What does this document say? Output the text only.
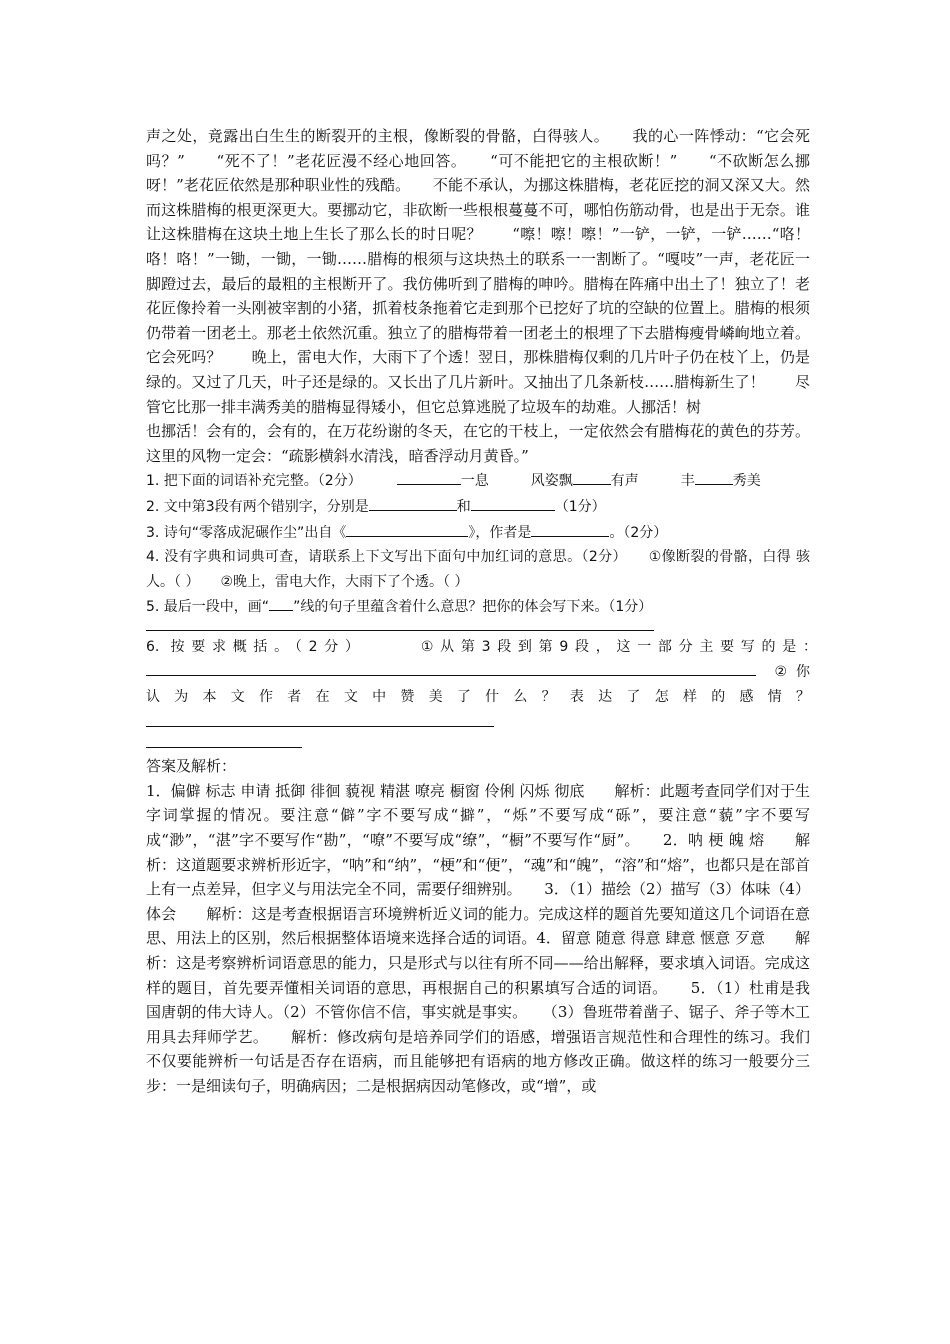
声之处，竟露出白生生的断裂开的主根，像断裂的骨骼，白得骇人。　　我的心一阵悸动：“它会死吗？”　　“死不了！”老花匠漫不经心地回答。　　“可不能把它的主根砍断！”　　“不砍断怎么挪呀！”老花匠依然是那种职业性的残酷。　　不能不承认，为挪这株腊梅，老花匠挖的洞又深又大。然而这株腊梅的根更深更大。要挪动它，非砍断一些根根蔓蔓不可，哪怕伤筋动骨，也是出于无奈。谁让这株腊梅在这块土地上生长了那么长的时日呢？　　“嚓！嚓！嚓！”一铲，一铲，一铲……“咯！咯！咯！”一锄，一锄，一锄……腊梅的根须与这块热土的联系一一割断了。“嘎吱”一声，老花匠一脚蹬过去，最后的最粗的主根断开了。我仿佛听到了腊梅的呻吟。腊梅在阵痛中出土了！独立了！老花匠像拎着一头刚被宰割的小猪，抓着枝条拖着它走到那个已挖好了坑的空缺的位置上。腊梅的根须仍带着一团老土。那老土依然沉重。独立了的腊梅带着一团老土的根埋了下去腊梅瘦骨嶙峋地立着。它会死吗？　　晚上，雷电大作，大雨下了个透！翌日，那株腊梅仅剩的几片叶子仍在枝丫上，仍是绿的。又过了几天，叶子还是绿的。又长出了几片新叶。又抽出了几条新枝……腊梅新生了！　　尽管它比那一排丰满秀美的腊梅显得矮小，但它总算逃脱了垃圾车的劫难。人挪活！树

也挪活！会有的，会有的，在万花纷谢的冬天，在它的干枝上，一定依然会有腊梅花的黄色的芬芳。这里的风物一定会：“疏影横斜水清浅，暗香浮动月黄昏。”

1. 把下面的词语补充完整。（2分）　　　	一息　　　	风姿飘	有声　　　	丰	秀美

2. 文中第3段有两个错别字，分别是	和	（1分）

3. 诗句“零落成泥碾作尘”出自《	》，作者是	。（2分）

4. 没有字典和词典可查，请联系上下文写出下面句中加红词的意思。（2分）　　①像断裂的骨骼，白得 骇人。（ ）　　②晚上，雷电大作，大雨下了个透。（ ）

5. 最后一段中，画“ ”线的句子里蕴含着什么意思？把你的体会写下来。（1分）

6. 按要求概括。（2分）　　　①从第3段到第9段，这一部分主要写的是：　　② 你认为本文作者在文中赞美了什么？表达了怎样的感情？　　

答案及解析：

1．偏僻 标志 申请 抵御 徘徊 藐视 精湛 嘹亮 橱窗 伶俐 闪烁 彻底　　解析：此题考查同学们对于生字词掌握的情况。要注意“僻”字不要写成“擗”，“烁”不要写成“砾”，要注意“藐”字不要写成“渺”，“湛”字不要写作“勘”，“嘹”不要写成“缭”，“橱”不要写作“厨”。　　2．呐 梗 魄 熔　　解析：这道题要求辨析形近字，“呐”和“纳”，“梗”和“便”，“魂”和“魄”，“溶”和“熔”，也都只是在部首上有一点差异，但字义与用法完全不同，需要仔细辨别。　　3．（1）描绘（2）描写（3）体味（4）体会　　解析：这是考查根据语言环境辨析近义词的能力。完成这样的题首先要知道这几个词语在意思、用法上的区别，然后根据整体语境来选择合适的词语。4．留意 随意 得意 肆意 惬意 歹意　　解析：这是考察辨析词语意思的能力，只是形式与以往有所不同——给出解释，要求填入词语。完成这样的题目，首先要弄懂相关词语的意思，再根据自己的积累填写合适的词语。　　5．（1）杜甫是我国唐朝的伟大诗人。（2）不管你信不信，事实就是事实。　　（3）鲁班带着凿子、锯子、斧子等木工用具去拜师学艺。　　解析：修改病句是培养同学们的语感，增强语言规范性和合理性的练习。我们不仅要能辨析一句话是否存在语病，而且能够把有语病的地方修改正确。做这样的练习一般要分三步：一是细读句子，明确病因；二是根据病因动笔修改，或“增”，或
